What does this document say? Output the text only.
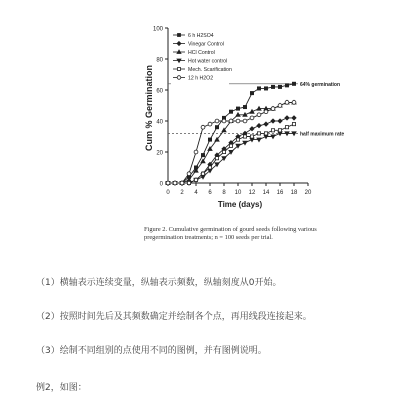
0
20
40
60
80
100
0 2 4 6 8 10 12 14 16 18 20
Cum % Germination
Time (days)
64% germination
half maximum rate
6 h H2SO4
Vinegar Control
HCl Control
Hot water control
Mech. Scarification
12 h H2O2
Figure 2. Cumulative germination of gourd seeds following various pregermination treatments; n = 100 seeds per trial.

（1）横轴表示连续变量，纵轴表示频数，纵轴刻度从0开始。

（2）按照时间先后及其频数确定并绘制各个点，再用线段连接起来。

（3）绘制不同组别的点使用不同的图例，并有图例说明。

例2，如图：
